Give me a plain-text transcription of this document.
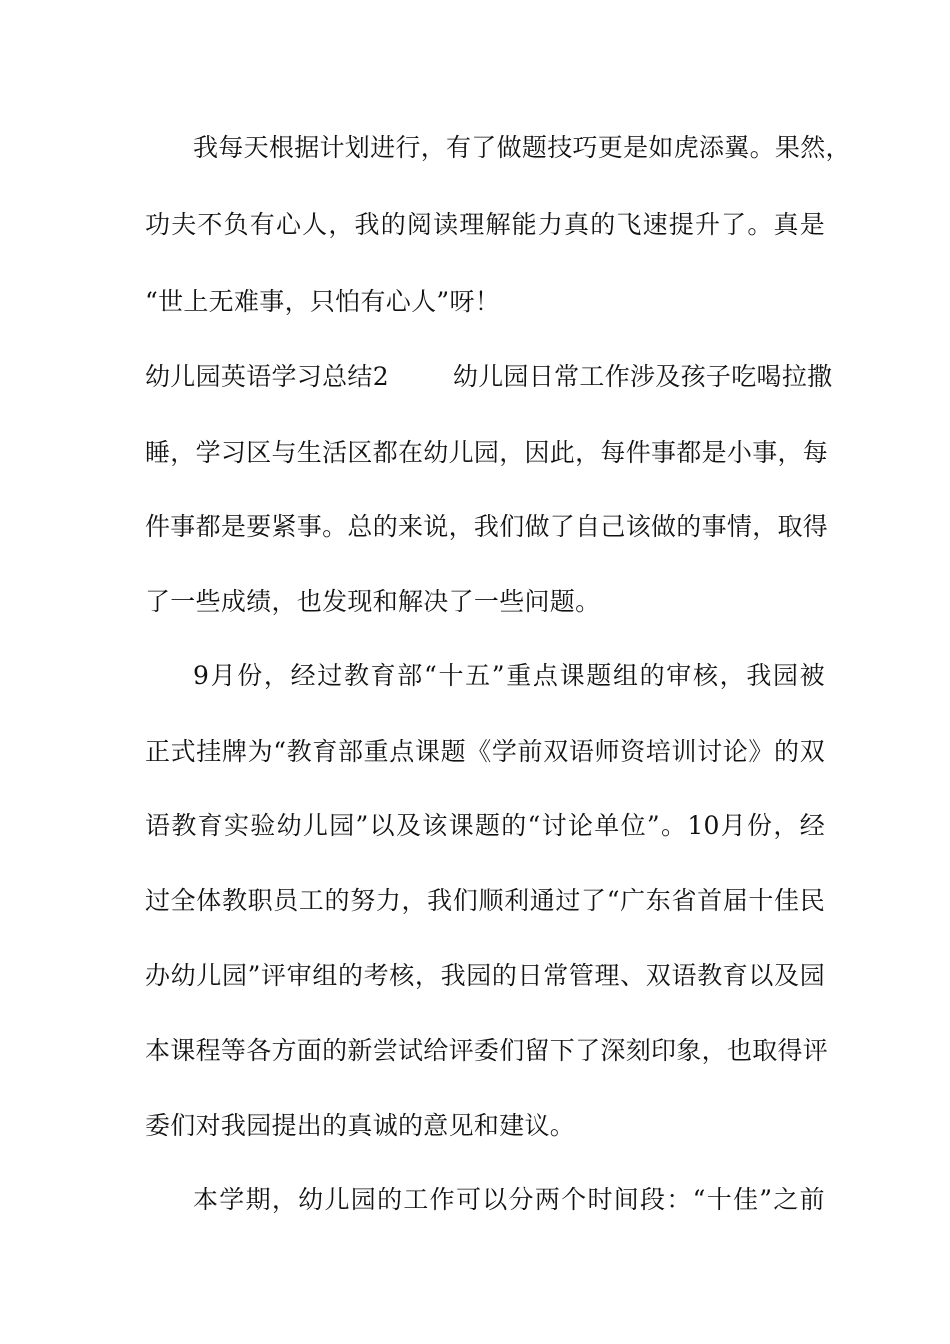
我每天根据计划进行，有了做题技巧更是如虎添翼。果然，
功夫不负有心人，我的阅读理解能力真的飞速提升了。真是
“世上无难事，只怕有心人”呀！
幼儿园英语学习总结2	幼儿园日常工作涉及孩子吃喝拉撒
睡，学习区与生活区都在幼儿园，因此，每件事都是小事，每
件事都是要紧事。总的来说，我们做了自己该做的事情，取得
了一些成绩，也发现和解决了一些问题。
9月份，经过教育部“十五”重点课题组的审核，我园被
正式挂牌为“教育部重点课题《学前双语师资培训讨论》的双
语教育实验幼儿园”以及该课题的“讨论单位”。10月份，经
过全体教职员工的努力，我们顺利通过了“广东省首届十佳民
办幼儿园”评审组的考核，我园的日常管理、双语教育以及园
本课程等各方面的新尝试给评委们留下了深刻印象，也取得评
委们对我园提出的真诚的意见和建议。
本学期，幼儿园的工作可以分两个时间段：“十佳”之前
